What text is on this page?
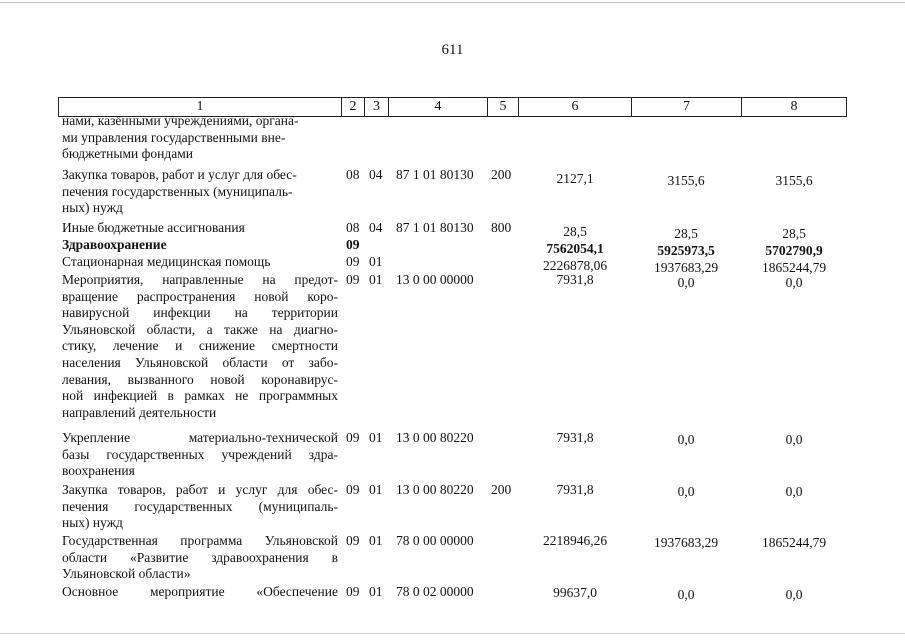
611
1	2	3	4	5	6	7	8
нами, казёнными учреждениями, органа-
ми управления государственными вне-
бюджетными фондами
Закупка товаров, работ и услуг для обес-
печения государственных (муниципаль-
ных) нужд
08 04 87 1 01 80130 200	2127,1	3155,6	3155,6
Иные бюджетные ассигнования	08 04 87 1 01 80130 800	28,5	28,5	28,5
Здравоохранение	09	7562054,1	5925973,5	5702790,9
Стационарная медицинская помощь	09 01	2226878,06	1937683,29	1865244,79
Мероприятия, направленные на предот-
вращение распространения новой коро-
навирусной инфекции на территории
Ульяновской области, а также на диагно-
стику, лечение и снижение смертности
населения Ульяновской области от забо-
левания, вызванного новой коронавирус-
ной инфекцией в рамках не программных
направлений деятельности
09 01 13 0 00 00000	7931,8	0,0	0,0
Укрепление материально-технической
базы государственных учреждений здра-
воохранения
09 01 13 0 00 80220	7931,8	0,0	0,0
Закупка товаров, работ и услуг для обес-
печения государственных (муниципаль-
ных) нужд
09 01 13 0 00 80220 200	7931,8	0,0	0,0
Государственная программа Ульяновской
области «Развитие здравоохранения в
Ульяновской области»
09 01 78 0 00 00000	2218946,26	1937683,29	1865244,79
Основное мероприятие «Обеспечение 09 01 78 0 02 00000	99637,0	0,0	0,0
